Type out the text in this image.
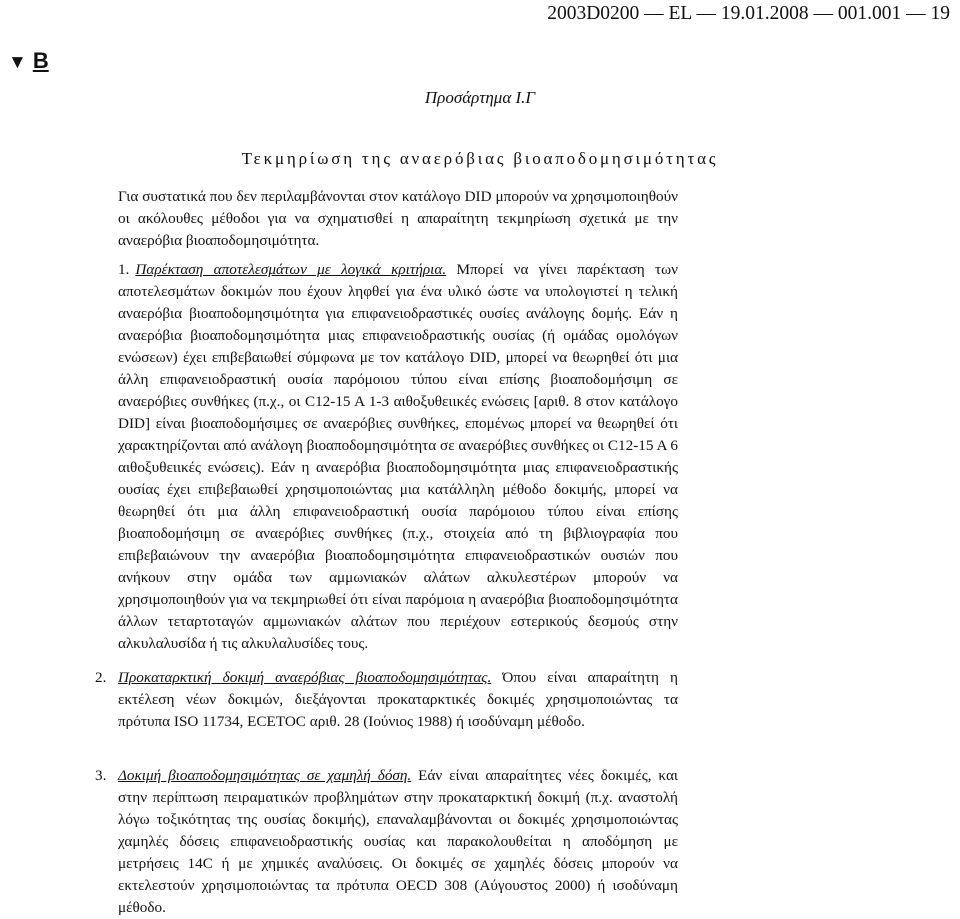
2003D0200 — EL — 19.01.2008 — 001.001 — 19
▼ B
Προσάρτημα I.Γ
Τεκμηρίωση της αναερόβιας βιοαποδομησιμότητας
Για συστατικά που δεν περιλαμβάνονται στον κατάλογο DID μπορούν να χρησιμοποιηθούν οι ακόλουθες μέθοδοι για να σχηματισθεί η απαραίτητη τεκμηρίωση σχετικά με την αναερόβια βιοαποδομησιμότητα.
1. Παρέκταση αποτελεσμάτων με λογικά κριτήρια. Μπορεί να γίνει παρέκταση των αποτελεσμάτων δοκιμών που έχουν ληφθεί για ένα υλικό ώστε να υπολογιστεί η τελική αναερόβια βιοαποδομησιμότητα για επιφανειοδραστικές ουσίες ανάλογης δομής. Εάν η αναερόβια βιοαποδομησιμότητα μιας επιφανειοδραστικής ουσίας (ή ομάδας ομολόγων ενώσεων) έχει επιβεβαιωθεί σύμφωνα με τον κατάλογο DID, μπορεί να θεωρηθεί ότι μια άλλη επιφανειοδραστική ουσία παρόμοιου τύπου είναι επίσης βιοαποδομήσιμη σε αναερόβιες συνθήκες (π.χ., οι C12-15 A 1-3 αιθοξυθειικές ενώσεις [αριθ. 8 στον κατάλογο DID] είναι βιοαποδομήσιμες σε αναερόβιες συνθήκες, επομένως μπορεί να θεωρηθεί ότι χαρακτηρίζονται από ανάλογη βιοαποδομησιμότητα σε αναερόβιες συνθήκες οι C12-15 A 6 αιθοξυθειικές ενώσεις). Εάν η αναερόβια βιοαποδομησιμότητα μιας επιφανειοδραστικής ουσίας έχει επιβεβαιωθεί χρησιμοποιώντας μια κατάλληλη μέθοδο δοκιμής, μπορεί να θεωρηθεί ότι μια άλλη επιφανειοδραστική ουσία παρόμοιου τύπου είναι επίσης βιοαποδομήσιμη σε αναερόβιες συνθήκες (π.χ., στοιχεία από τη βιβλιογραφία που επιβεβαιώνουν την αναερόβια βιοαποδομησιμότητα επιφανειοδραστικών ουσιών που ανήκουν στην ομάδα των αμμωνιακών αλάτων αλκυλεστέρων μπορούν να χρησιμοποιηθούν για να τεκμηριωθεί ότι είναι παρόμοια η αναερόβια βιοαποδομησιμότητα άλλων τεταρτοταγών αμμωνιακών αλάτων που περιέχουν εστερικούς δεσμούς στην αλκυλαλυσίδα ή τις αλκυλαλυσίδες τους.
2. Προκαταρκτική δοκιμή αναερόβιας βιοαποδομησιμότητας. Όπου είναι απαραίτητη η εκτέλεση νέων δοκιμών, διεξάγονται προκαταρκτικές δοκιμές χρησιμοποιώντας τα πρότυπα ISO 11734, ECETOC αριθ. 28 (Ιούνιος 1988) ή ισοδύναμη μέθοδο.
3. Δοκιμή βιοαποδομησιμότητας σε χαμηλή δόση. Εάν είναι απαραίτητες νέες δοκιμές, και στην περίπτωση πειραματικών προβλημάτων στην προκαταρκτική δοκιμή (π.χ. αναστολή λόγω τοξικότητας της ουσίας δοκιμής), επαναλαμβάνονται οι δοκιμές χρησιμοποιώντας χαμηλές δόσεις επιφανειοδραστικής ουσίας και παρακολουθείται η αποδόμηση με μετρήσεις 14C ή με χημικές αναλύσεις. Οι δοκιμές σε χαμηλές δόσεις μπορούν να εκτελεστούν χρησιμοποιώντας τα πρότυπα OECD 308 (Αύγουστος 2000) ή ισοδύναμη μέθοδο.
